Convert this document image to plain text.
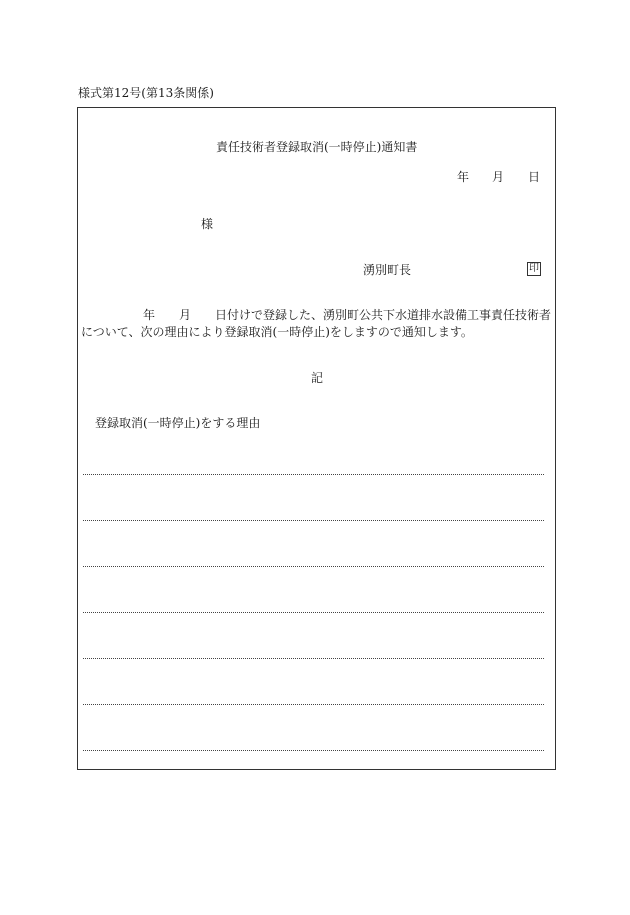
様式第12号(第13条関係)
責任技術者登録取消(一時停止)通知書
年 月 日
様
湧別町長	印
年 月 日付けで登録した、湧別町公共下水道排水設備工事責任技術者
について、次の理由により登録取消(一時停止)をしますので通知します。
記
登録取消(一時停止)をする理由
